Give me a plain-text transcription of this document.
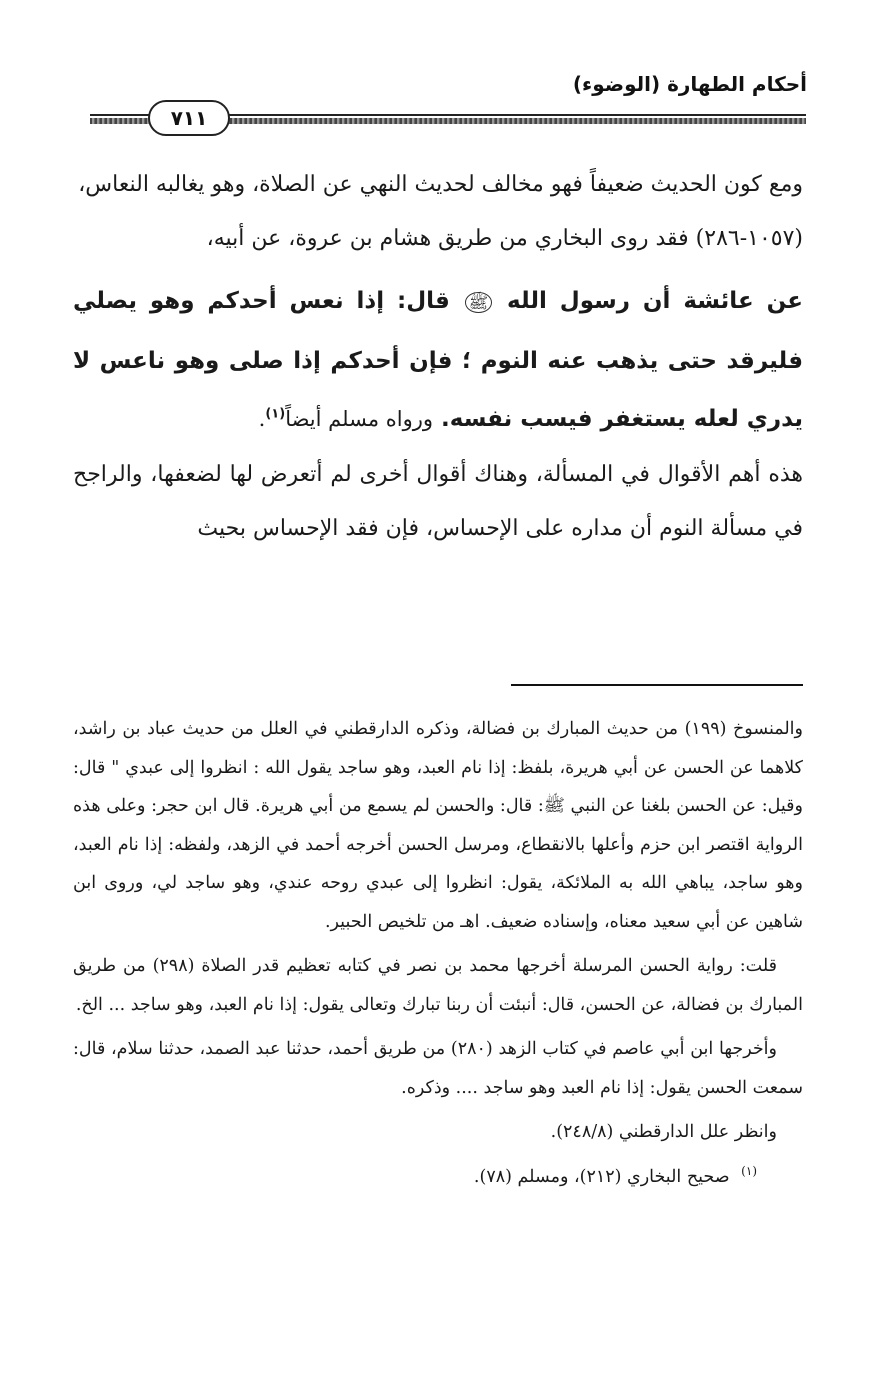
أحكام الطهارة (الوضوء)
٧١١

ومع كون الحديث ضعيفاً فهو مخالف لحديث النهي عن الصلاة، وهو يغالبه النعاس،

(١٠٥٧-٢٨٦) فقد روى البخاري من طريق هشام بن عروة، عن أبيه،

عن عائشة أن رسول الله ﷺ قال: إذا نعس أحدكم وهو يصلي فليرقد حتى يذهب عنه النوم ؛ فإن أحدكم إذا صلى وهو ناعس لا يدري لعله يستغفر فيسب نفسه. ورواه مسلم أيضاً$^{(١)}$.

هذه أهم الأقوال في المسألة، وهناك أقوال أخرى لم أتعرض لها لضعفها، والراجح في مسألة النوم أن مداره على الإحساس، فإن فقد الإحساس بحيث

والمنسوخ (١٩٩) من حديث المبارك بن فضالة، وذكره الدارقطني في العلل من حديث عباد بن راشد، كلاهما عن الحسن عن أبي هريرة، بلفظ: إذا نام العبد، وهو ساجد يقول الله : انظروا إلى عبدي " قال: وقيل: عن الحسن بلغنا عن النبي ﷺ: قال: والحسن لم يسمع من أبي هريرة. قال ابن حجر: وعلى هذه الرواية اقتصر ابن حزم وأعلها بالانقطاع، ومرسل الحسن أخرجه أحمد في الزهد، ولفظه: إذا نام العبد، وهو ساجد، يباهي الله به الملائكة، يقول: انظروا إلى عبدي روحه عندي، وهو ساجد لي، وروى ابن شاهين عن أبي سعيد معناه، وإسناده ضعيف. اهـ من تلخيص الحبير.

قلت: رواية الحسن المرسلة أخرجها محمد بن نصر في كتابه تعظيم قدر الصلاة (٢٩٨) من طريق المبارك بن فضالة، عن الحسن، قال: أنبئت أن ربنا تبارك وتعالى يقول: إذا نام العبد، وهو ساجد ... الخ.

وأخرجها ابن أبي عاصم في كتاب الزهد (٢٨٠) من طريق أحمد، حدثنا عبد الصمد، حدثنا سلام، قال: سمعت الحسن يقول: إذا نام العبد وهو ساجد .... وذكره.

وانظر علل الدارقطني (٢٤٨/٨).

$^{(١)}$ صحيح البخاري (٢١٢)، ومسلم (٧٨).
